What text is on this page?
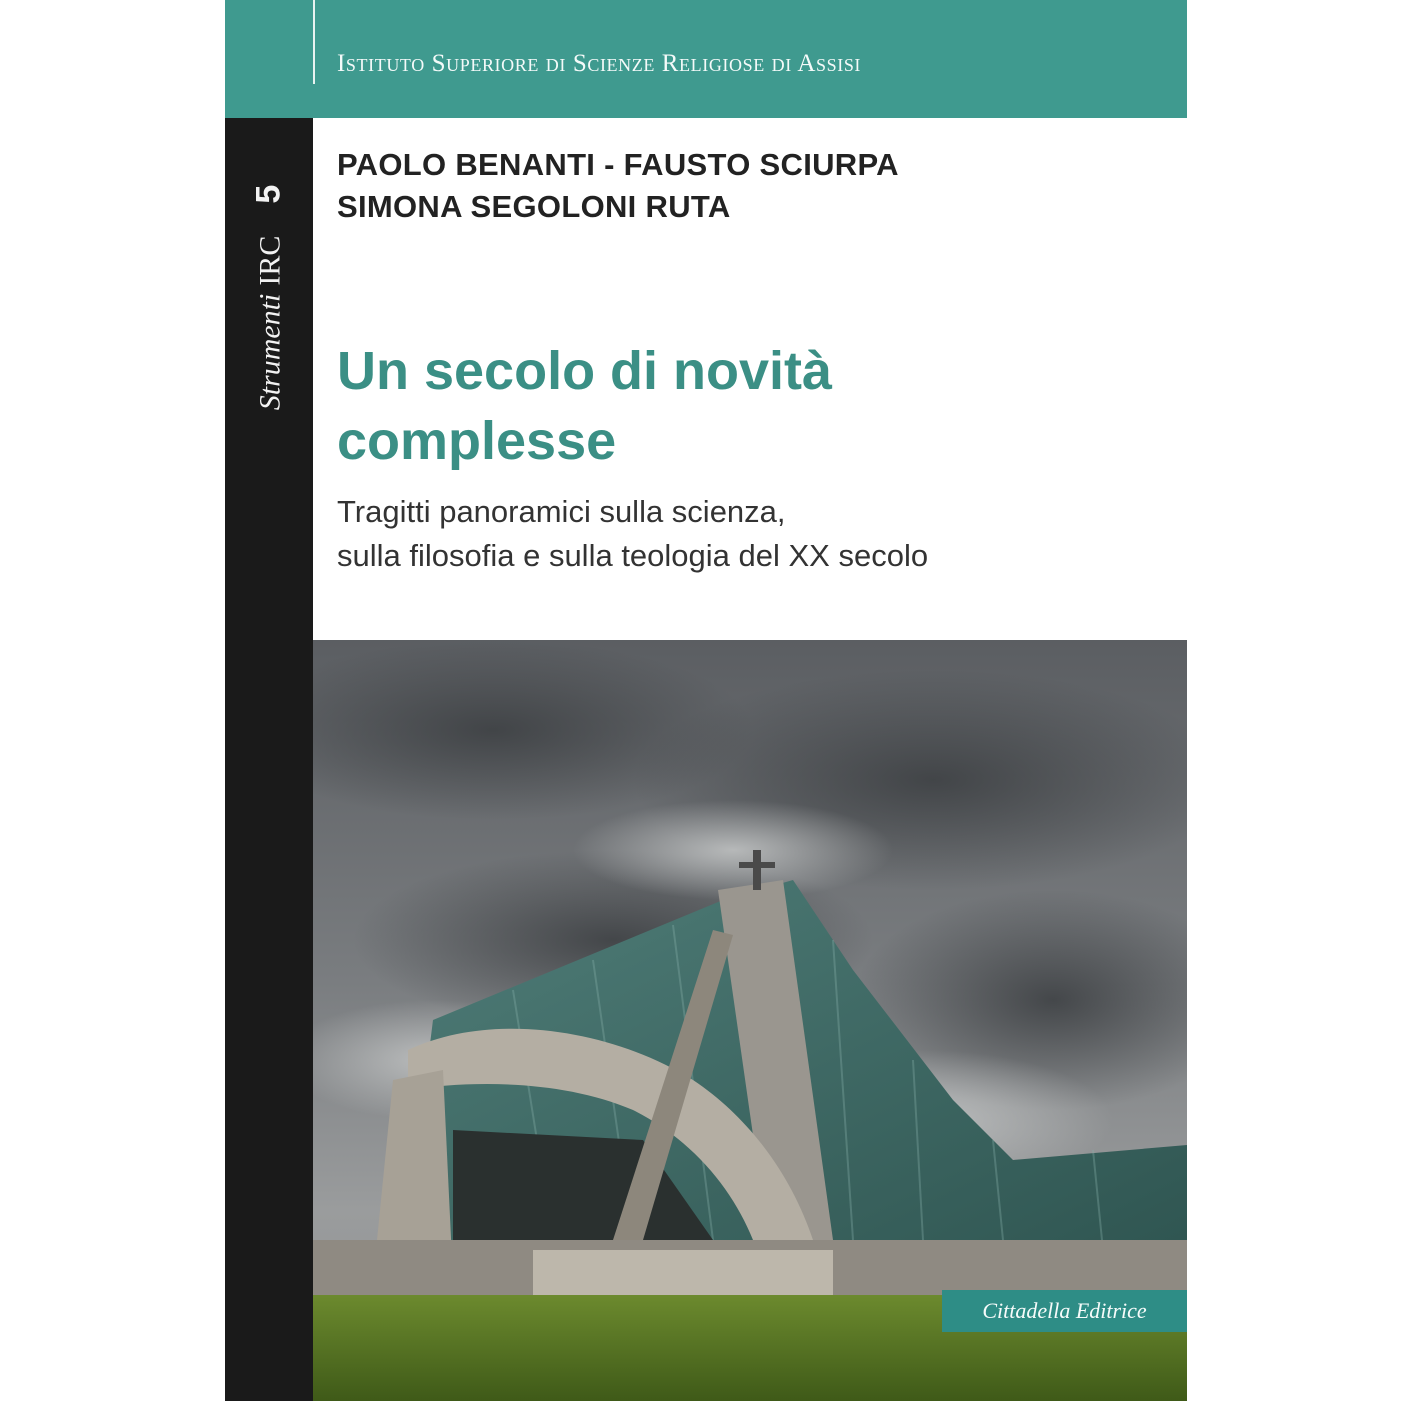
Istituto Superiore di Scienze Religiose di Assisi
StrumentiIRC5
PAOLO BENANTI - FAUSTO SCIURPA
SIMONA SEGOLONI RUTA
Un secolo di novità
complesse
Tragitti panoramici sulla scienza,
sulla filosofia e sulla teologia del XX secolo
Cittadella Editrice
